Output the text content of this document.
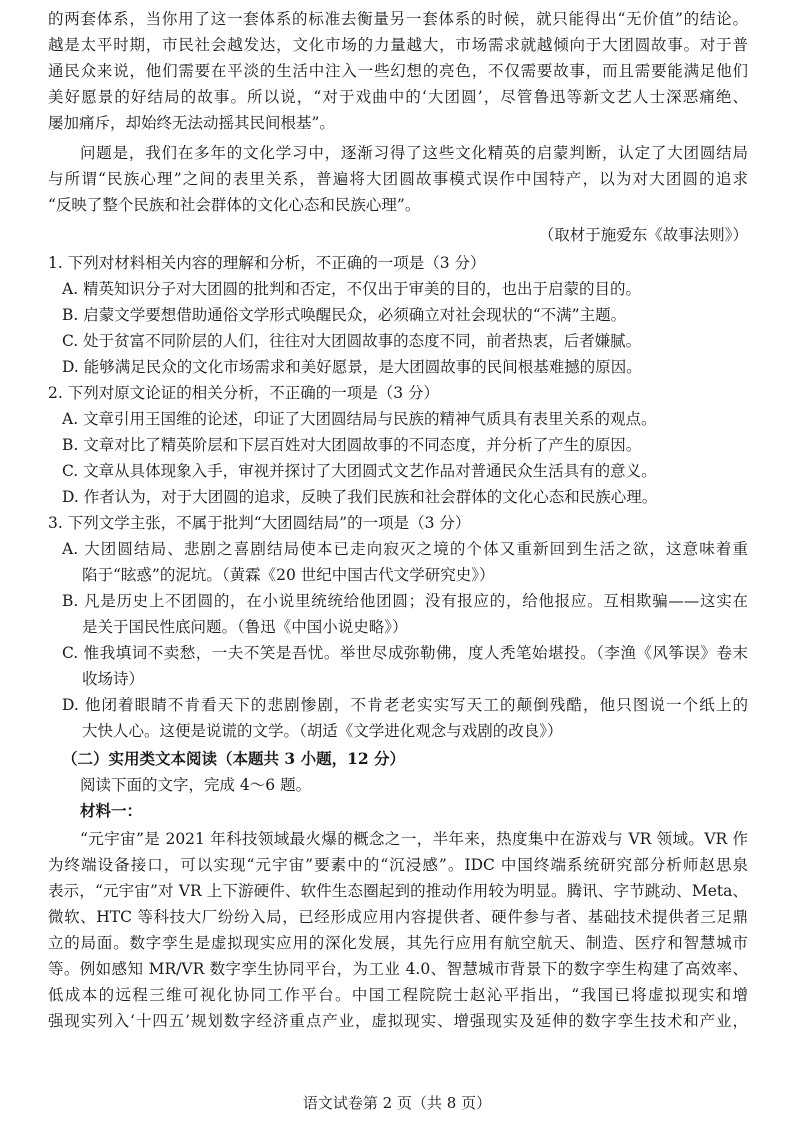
的两套体系，当你用了这一套体系的标准去衡量另一套体系的时候，就只能得出“无价值”的结论。
越是太平时期，市民社会越发达，文化市场的力量越大，市场需求就越倾向于大团圆故事。对于普
通民众来说，他们需要在平淡的生活中注入一些幻想的亮色，不仅需要故事，而且需要能满足他们
美好愿景的好结局的故事。所以说，“对于戏曲中的‘大团圆’，尽管鲁迅等新文艺人士深恶痛绝、
屡加痛斥，却始终无法动摇其民间根基”。
问题是，我们在多年的文化学习中，逐渐习得了这些文化精英的启蒙判断，认定了大团圆结局
与所谓“民族心理”之间的表里关系，普遍将大团圆故事模式误作中国特产，以为对大团圆的追求
“反映了整个民族和社会群体的文化心态和民族心理”。
（取材于施爱东《故事法则》）
1. 下列对材料相关内容的理解和分析，不正确的一项是（3 分）
A. 精英知识分子对大团圆的批判和否定，不仅出于审美的目的，也出于启蒙的目的。
B. 启蒙文学要想借助通俗文学形式唤醒民众，必须确立对社会现状的“不满”主题。
C. 处于贫富不同阶层的人们，往往对大团圆故事的态度不同，前者热衷，后者嫌腻。
D. 能够满足民众的文化市场需求和美好愿景，是大团圆故事的民间根基难撼的原因。
2. 下列对原文论证的相关分析，不正确的一项是（3 分）
A. 文章引用王国维的论述，印证了大团圆结局与民族的精神气质具有表里关系的观点。
B. 文章对比了精英阶层和下层百姓对大团圆故事的不同态度，并分析了产生的原因。
C. 文章从具体现象入手，审视并探讨了大团圆式文艺作品对普通民众生活具有的意义。
D. 作者认为，对于大团圆的追求，反映了我们民族和社会群体的文化心态和民族心理。
3. 下列文学主张，不属于批判“大团圆结局”的一项是（3 分）
A. 大团圆结局、悲剧之喜剧结局使本已走向寂灭之境的个体又重新回到生活之欲，这意味着重
陷于“眩惑”的泥坑。（黄霖《20 世纪中国古代文学研究史》）
B. 凡是历史上不团圆的，在小说里统统给他团圆；没有报应的，给他报应。互相欺骗——这实在
是关于国民性底问题。（鲁迅《中国小说史略》）
C. 惟我填词不卖愁，一夫不笑是吾忧。举世尽成弥勒佛，度人秃笔始堪投。（李渔《风筝误》卷末
收场诗）
D. 他闭着眼睛不肯看天下的悲剧惨剧，不肯老老实实写天工的颠倒残酷，他只图说一个纸上的
大快人心。这便是说谎的文学。（胡适《文学进化观念与戏剧的改良》）
（二）实用类文本阅读（本题共 3 小题，12 分）
阅读下面的文字，完成 4～6 题。
材料一：
“元宇宙”是 2021 年科技领域最火爆的概念之一，半年来，热度集中在游戏与 VR 领域。VR 作
为终端设备接口，可以实现“元宇宙”要素中的“沉浸感”。IDC 中国终端系统研究部分析师赵思泉
表示，“元宇宙”对 VR 上下游硬件、软件生态圈起到的推动作用较为明显。腾讯、字节跳动、Meta、
微软、HTC 等科技大厂纷纷入局，已经形成应用内容提供者、硬件参与者、基础技术提供者三足鼎
立的局面。数字孪生是虚拟现实应用的深化发展，其先行应用有航空航天、制造、医疗和智慧城市
等。例如感知 MR/VR 数字孪生协同平台，为工业 4.0、智慧城市背景下的数字孪生构建了高效率、
低成本的远程三维可视化协同工作平台。中国工程院院士赵沁平指出，“我国已将虚拟现实和增
强现实列入‘十四五’规划数字经济重点产业，虚拟现实、增强现实及延伸的数字孪生技术和产业，
语文试卷第 2 页（共 8 页）
